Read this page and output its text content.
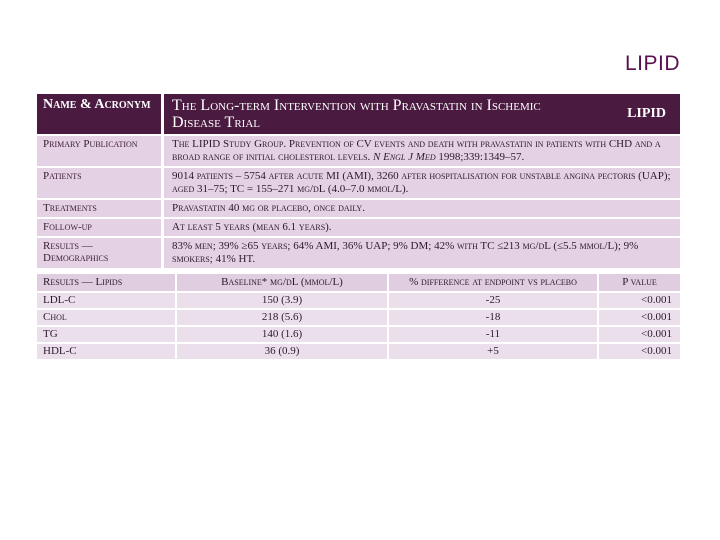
LIPID
Name & Acronym	The Long-term Intervention with Pravastatin in Ischemic Disease Trial	LIPID
Primary Publication	The LIPID Study Group. Prevention of CV events and death with pravastatin in patients with CHD and a broad range of initial cholesterol levels. N Engl J Med 1998;339:1349–57.	
Patients	9014 patients – 5754 after acute MI (AMI), 3260 after hospitalisation for unstable angina pectoris (UAP); aged 31–75; TC = 155–271 mg/dL (4.0–7.0 mmol/L).	
Treatments	Pravastatin 40 mg or placebo, once daily.	
Follow-up	At least 5 years (mean 6.1 years).	
Results — Demographics	83% men; 39% ≥65 years; 64% AMI, 36% UAP; 9% DM; 42% with TC ≤213 mg/dL (≤5.5 mmol/L); 9% smokers; 41% HT.	
Results — Lipids	Baseline* mg/dL (mmol/L)	% difference at endpoint vs placebo	P value
LDL-C	150 (3.9)	-25	<0.001
Chol	218 (5.6)	-18	<0.001
TG	140 (1.6)	-11	<0.001
HDL-C	36 (0.9)	+5	<0.001
